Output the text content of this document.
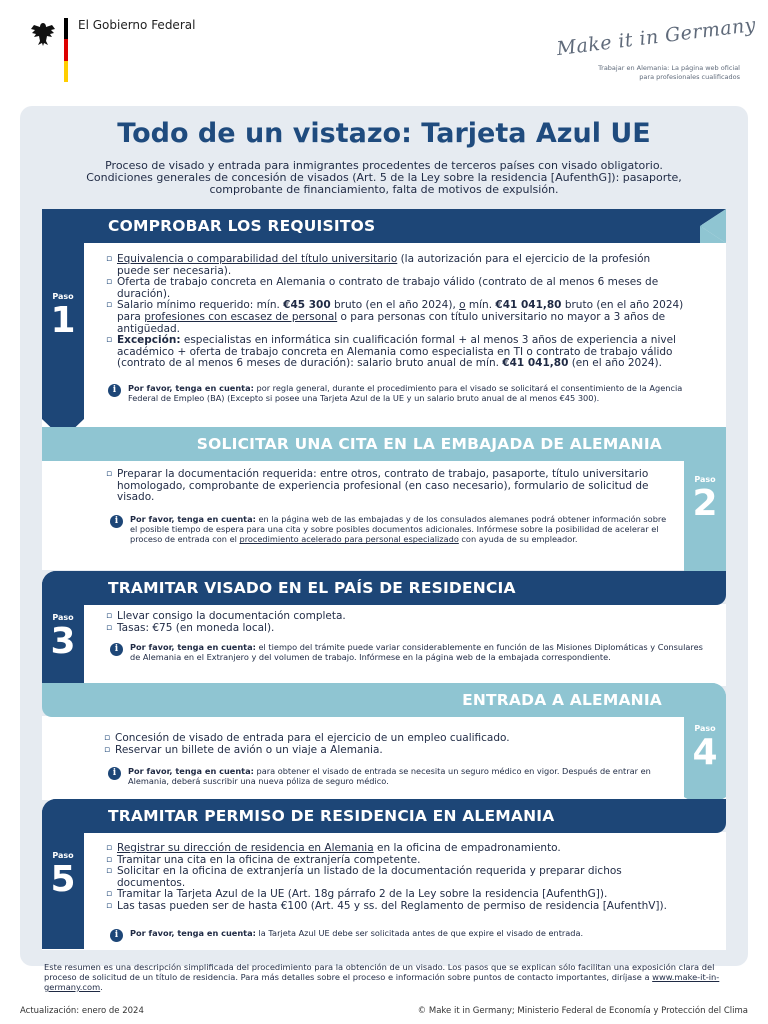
El Gobierno Federal	Make it in Germany
Trabajar en Alemania: La página web oficial
para profesionales cualificados
Todo de un vistazo: Tarjeta Azul UE
Proceso de visado y entrada para inmigrantes procedentes de terceros países con visado obligatorio.
Condiciones generales de concesión de visados (Art. 5 de la Ley sobre la residencia [AufenthG]): pasaporte,
comprobante de financiamiento, falta de motivos de expulsión.
COMPROBAR LOS REQUISITOS
Paso
1
▫ Equivalencia o comparabilidad del título universitario (la autorización para el ejercicio de la profesión puede ser necesaria).
▫ Oferta de trabajo concreta en Alemania o contrato de trabajo válido (contrato de al menos 6 meses de duración).
▫ Salario mínimo requerido: mín. €45 300 bruto (en el año 2024), o mín. €41 041,80 bruto (en el año 2024) para profesiones con escasez de personal o para personas con título universitario no mayor a 3 años de antigüedad.
▫ Excepción: especialistas en informática sin cualificación formal + al menos 3 años de experiencia a nivel académico + oferta de trabajo concreta en Alemania como especialista en TI o contrato de trabajo válido (contrato de al menos 6 meses de duración): salario bruto anual de mín. €41 041,80 (en el año 2024).
i	Por favor, tenga en cuenta: por regla general, durante el procedimiento para el visado se solicitará el consentimiento de la Agencia Federal de Empleo (BA) (Excepto si posee una Tarjeta Azul de la UE y un salario bruto anual de al menos €45 300).
SOLICITAR UNA CITA EN LA EMBAJADA DE ALEMANIA
Paso
2
▫ Preparar la documentación requerida: entre otros, contrato de trabajo, pasaporte, título universitario homologado, comprobante de experiencia profesional (en caso necesario), formulario de solicitud de visado.
i	Por favor, tenga en cuenta: en la página web de las embajadas y de los consulados alemanes podrá obtener información sobre el posible tiempo de espera para una cita y sobre posibles documentos adicionales. Infórmese sobre la posibilidad de acelerar el proceso de entrada con el procedimiento acelerado para personal especializado con ayuda de su empleador.
TRAMITAR VISADO EN EL PAÍS DE RESIDENCIA
Paso
3
▫ Llevar consigo la documentación completa.
▫ Tasas: €75 (en moneda local).
i	Por favor, tenga en cuenta: el tiempo del trámite puede variar considerablemente en función de las Misiones Diplomáticas y Consulares de Alemania en el Extranjero y del volumen de trabajo. Infórmese en la página web de la embajada correspondiente.
ENTRADA A ALEMANIA
Paso
4
▫ Concesión de visado de entrada para el ejercicio de un empleo cualificado.
▫ Reservar un billete de avión o un viaje a Alemania.
i	Por favor, tenga en cuenta: para obtener el visado de entrada se necesita un seguro médico en vigor. Después de entrar en Alemania, deberá suscribir una nueva póliza de seguro médico.
TRAMITAR PERMISO DE RESIDENCIA EN ALEMANIA
Paso
5
▫ Registrar su dirección de residencia en Alemania en la oficina de empadronamiento.
▫ Tramitar una cita en la oficina de extranjería competente.
▫ Solicitar en la oficina de extranjería un listado de la documentación requerida y preparar dichos documentos.
▫ Tramitar la Tarjeta Azul de la UE (Art. 18g párrafo 2 de la Ley sobre la residencia [AufenthG]).
▫ Las tasas pueden ser de hasta €100 (Art. 45 y ss. del Reglamento de permiso de residencia [AufenthV]).
i	Por favor, tenga en cuenta: la Tarjeta Azul UE debe ser solicitada antes de que expire el visado de entrada.
Este resumen es una descripción simplificada del procedimiento para la obtención de un visado. Los pasos que se explican sólo facilitan una exposición clara del proceso de solicitud de un título de residencia. Para más detalles sobre el proceso e información sobre puntos de contacto importantes, diríjase a www.make-it-in-germany.com.
Actualización: enero de 2024	© Make it in Germany; Ministerio Federal de Economía y Protección del Clima
